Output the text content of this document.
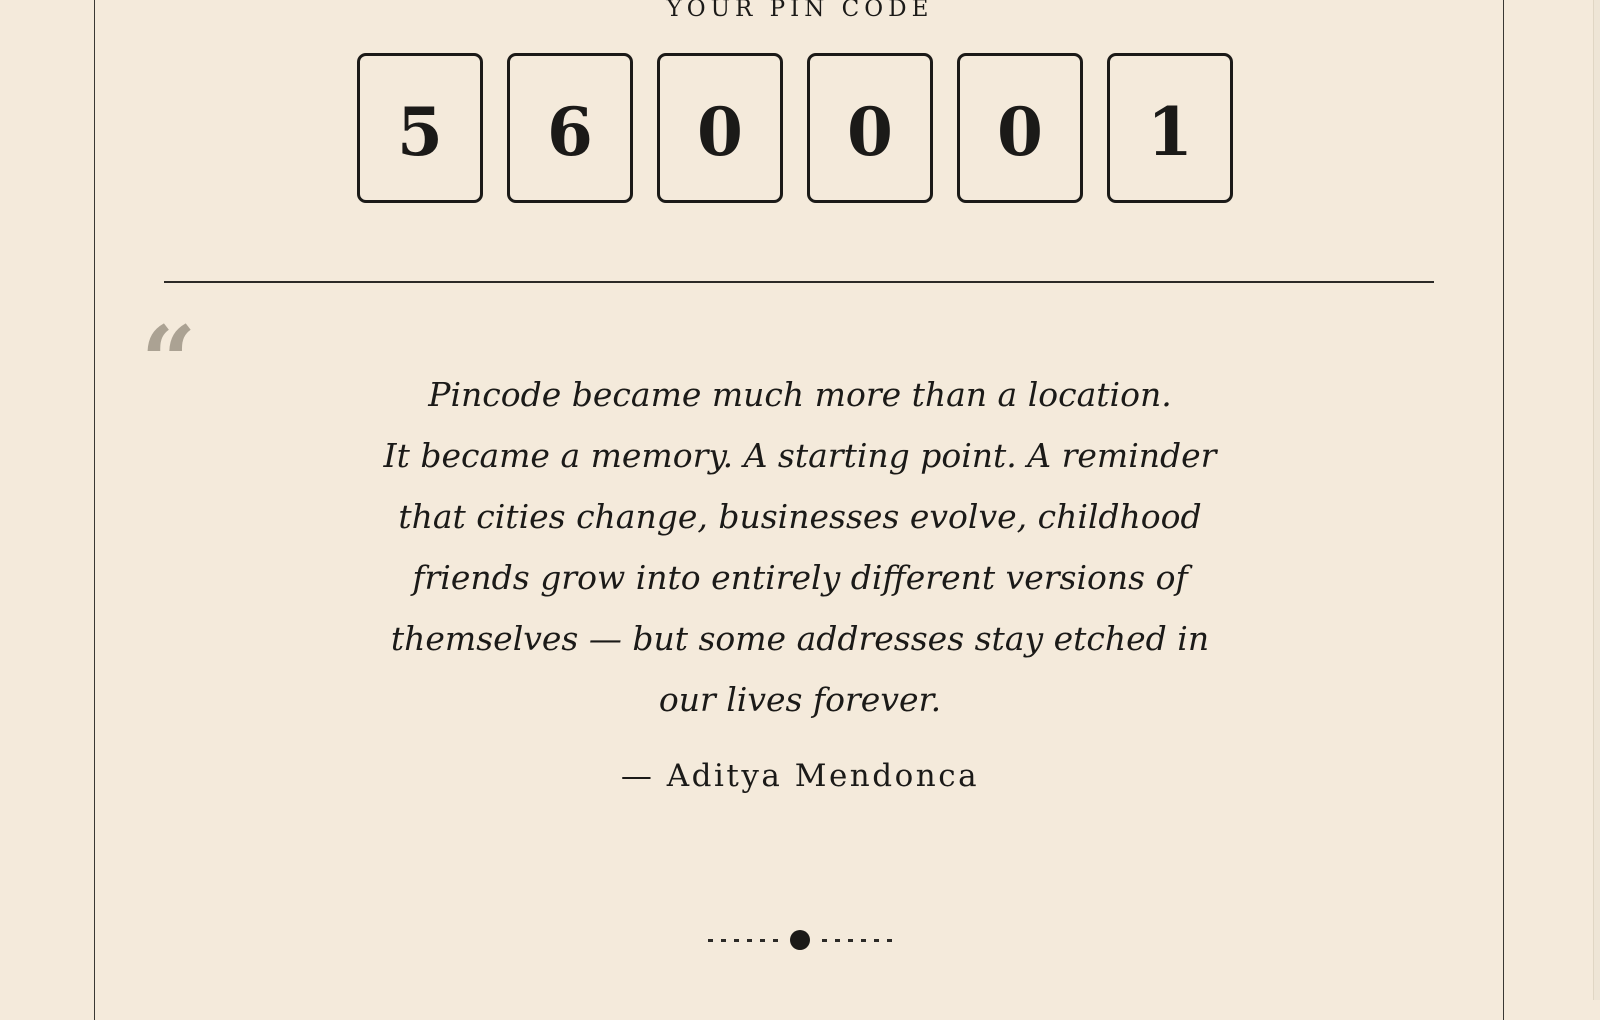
YOUR PIN CODE
5	6	0	0	0	1
“	Pincode became much more than a location.
It became a memory. A starting point. A reminder
that cities change, businesses evolve, childhood
friends grow into entirely different versions of
themselves — but some addresses stay etched in
our lives forever.
— Aditya Mendonca
